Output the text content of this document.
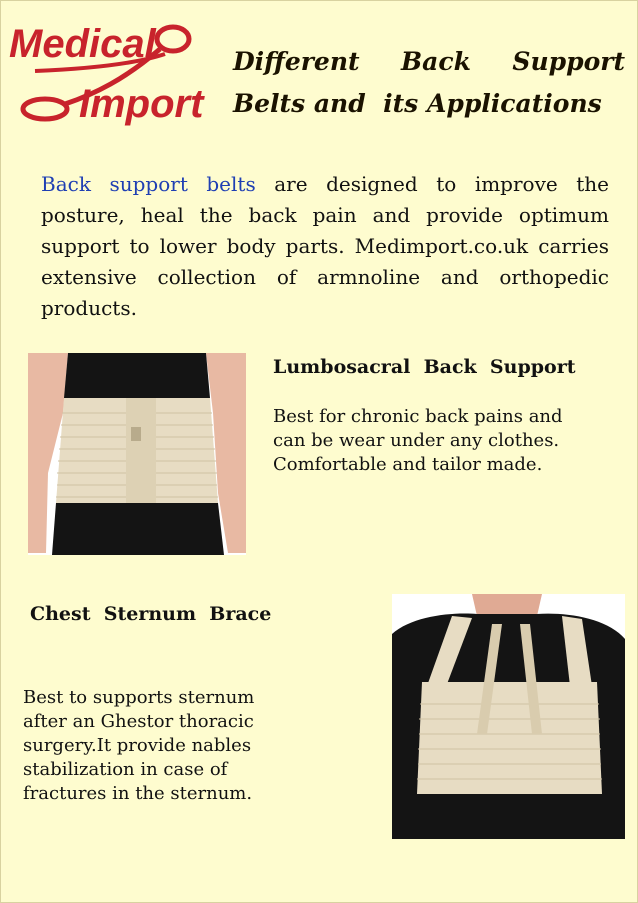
Medical
Import
Different Back Support
Belts and  its Applications

Back support belts are designed to improve the posture, heal the back pain and provide optimum support to lower body parts. Medimport.co.uk carries extensive collection of armnoline and orthopedic products.

Lumbosacral  Back  Support

Best for chronic back pains and can be wear under any clothes. Comfortable and tailor made.

Chest  Sternum  Brace

Best to supports sternum after an Ghestor thoracic surgery.It provide nables stabilization in case of fractures in the sternum.
